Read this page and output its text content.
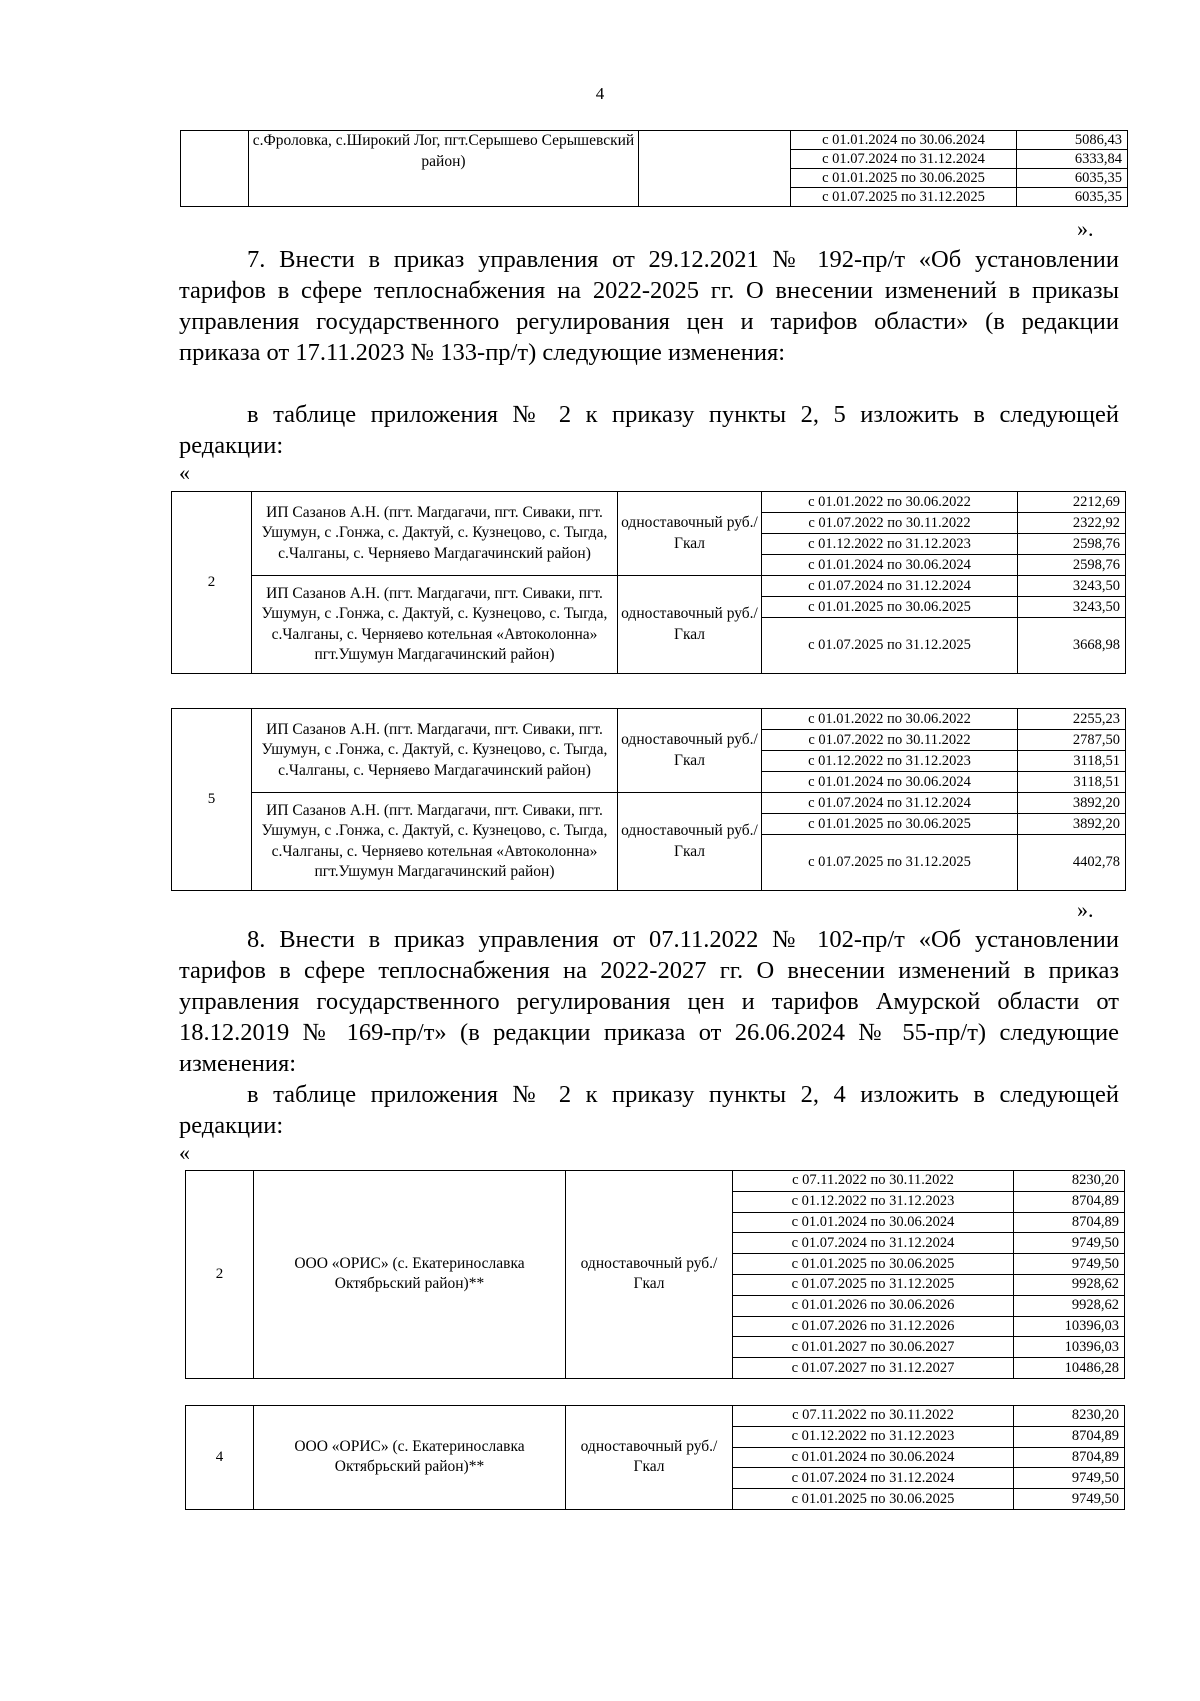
4
	с.Фроловка, с.Широкий Лог, пгт.Серышево Серышевский район)		с 01.01.2024 по 30.06.2024	5086,43
			с 01.07.2024 по 31.12.2024	6333,84
			с 01.01.2025 по 30.06.2025	6035,35
			с 01.07.2025 по 31.12.2025	6035,35
».

7. Внести в приказ управления от 29.12.2021 № 192-пр/т «Об установлении тарифов в сфере теплоснабжения на 2022-2025 гг. О внесении изменений в приказы управления государственного регулирования цен и тарифов области» (в редакции приказа от 17.11.2023 № 133-пр/т) следующие изменения:

в таблице приложения № 2 к приказу пункты 2, 5 изложить в следующей редакции:

«
2	ИП Сазанов А.Н. (пгт. Магдагачи, пгт. Сиваки, пгт. Ушумун, с .Гонжа, с. Дактуй, с. Кузнецово, с. Тыгда, с.Чалганы, с. Черняево Магдагачинский район)	одноставочный руб./Гкал	с 01.01.2022 по 30.06.2022	2212,69
			с 01.07.2022 по 30.11.2022	2322,92
			с 01.12.2022 по 31.12.2023	2598,76
			с 01.01.2024 по 30.06.2024	2598,76
	ИП Сазанов А.Н. (пгт. Магдагачи, пгт. Сиваки, пгт. Ушумун, с .Гонжа, с. Дактуй, с. Кузнецово, с. Тыгда, с.Чалганы, с. Черняево котельная «Автоколонна» пгт.Ушумун Магдагачинский район)	одноставочный руб./Гкал	с 01.07.2024 по 31.12.2024	3243,50
			с 01.01.2025 по 30.06.2025	3243,50
			с 01.07.2025 по 31.12.2025	3668,98
5	ИП Сазанов А.Н. (пгт. Магдагачи, пгт. Сиваки, пгт. Ушумун, с .Гонжа, с. Дактуй, с. Кузнецово, с. Тыгда, с.Чалганы, с. Черняево Магдагачинский район)	одноставочный руб./Гкал	с 01.01.2022 по 30.06.2022	2255,23
			с 01.07.2022 по 30.11.2022	2787,50
			с 01.12.2022 по 31.12.2023	3118,51
			с 01.01.2024 по 30.06.2024	3118,51
	ИП Сазанов А.Н. (пгт. Магдагачи, пгт. Сиваки, пгт. Ушумун, с .Гонжа, с. Дактуй, с. Кузнецово, с. Тыгда, с.Чалганы, с. Черняево котельная «Автоколонна» пгт.Ушумун Магдагачинский район)	одноставочный руб./Гкал	с 01.07.2024 по 31.12.2024	3892,20
			с 01.01.2025 по 30.06.2025	3892,20
			с 01.07.2025 по 31.12.2025	4402,78
».

8. Внести в приказ управления от 07.11.2022 № 102-пр/т «Об установлении тарифов в сфере теплоснабжения на 2022-2027 гг. О внесении изменений в приказ управления государственного регулирования цен и тарифов Амурской области от 18.12.2019 № 169-пр/т» (в редакции приказа от 26.06.2024 № 55-пр/т) следующие изменения:

в таблице приложения № 2 к приказу пункты 2, 4 изложить в следующей редакции:

«
2	ООО «ОРИС» (с. Екатеринославка Октябрьский район)**	одноставочный руб./Гкал	с 07.11.2022 по 30.11.2022	8230,20
			с 01.12.2022 по 31.12.2023	8704,89
			с 01.01.2024 по 30.06.2024	8704,89
			с 01.07.2024 по 31.12.2024	9749,50
			с 01.01.2025 по 30.06.2025	9749,50
			с 01.07.2025 по 31.12.2025	9928,62
			с 01.01.2026 по 30.06.2026	9928,62
			с 01.07.2026 по 31.12.2026	10396,03
			с 01.01.2027 по 30.06.2027	10396,03
			с 01.07.2027 по 31.12.2027	10486,28
4	ООО «ОРИС» (с. Екатеринославка Октябрьский район)**	одноставочный руб./Гкал	с 07.11.2022 по 30.11.2022	8230,20
			с 01.12.2022 по 31.12.2023	8704,89
			с 01.01.2024 по 30.06.2024	8704,89
			с 01.07.2024 по 31.12.2024	9749,50
			с 01.01.2025 по 30.06.2025	9749,50
